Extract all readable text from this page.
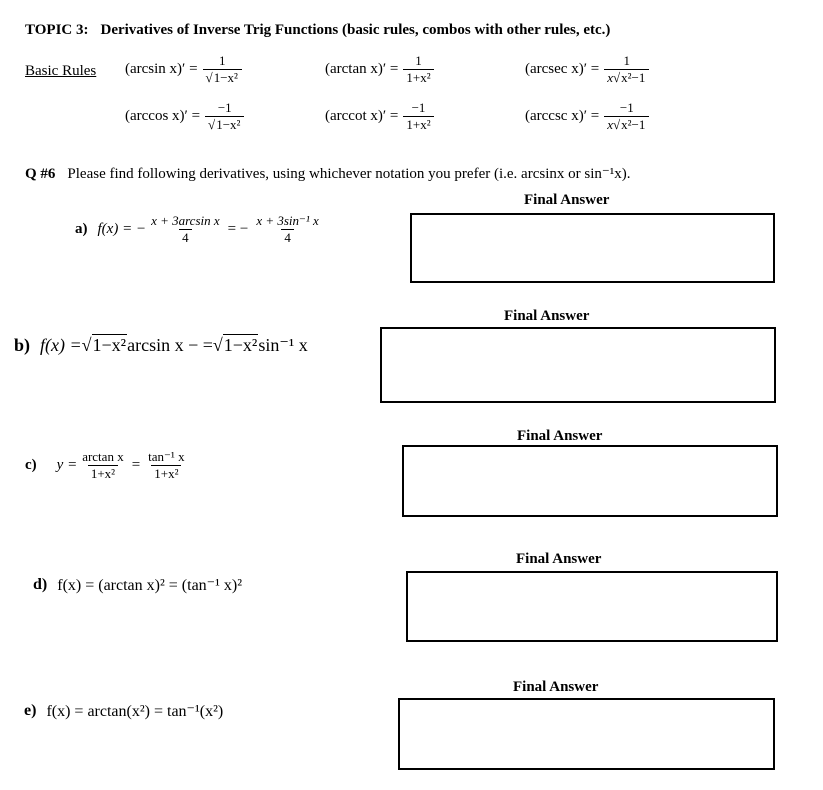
TOPIC 3: Derivatives of Inverse Trig Functions (basic rules, combos with other rules, etc.)
Basic Rules (arcsin $x)' = \frac{1}{\text{√1−x²}}$	(arctan $x)' = \frac{1}{\text{1+x²}}$	(arcsec $x)' = \frac{1}{\text{x√x²−1}}$
(arccos $x)' = \frac{-1}{\text{√1−x²}}$	(arccot $x)' = \frac{-1}{\text{1+x²}}$	(arccsc $x)' = \frac{-1}{\text{x√x²−1}}$
Q #6 Please find following derivatives, using whichever notation you prefer (i.e. arcsinx or sin⁻¹x).
Final Answer
a) f(x) = − $\frac{\text{x + 3arcsin x}}{4}$ = − $\frac{\text{x + 3sin⁻¹ x}}{4}$
Final Answer
b) f(x) = √ 1−x² arcsin x − = √ 1−x² sin⁻¹ x
Final Answer
c) $y = \frac{\text{arctan x}}{\text{1+x²}} = \frac{\text{tan⁻¹ x}}{\text{1+x²}}$
Final Answer
d) f(x) = (arctan x)² = (tan⁻¹ x)²
Final Answer
e) f(x) = arctan(x²) = tan⁻¹(x²)
